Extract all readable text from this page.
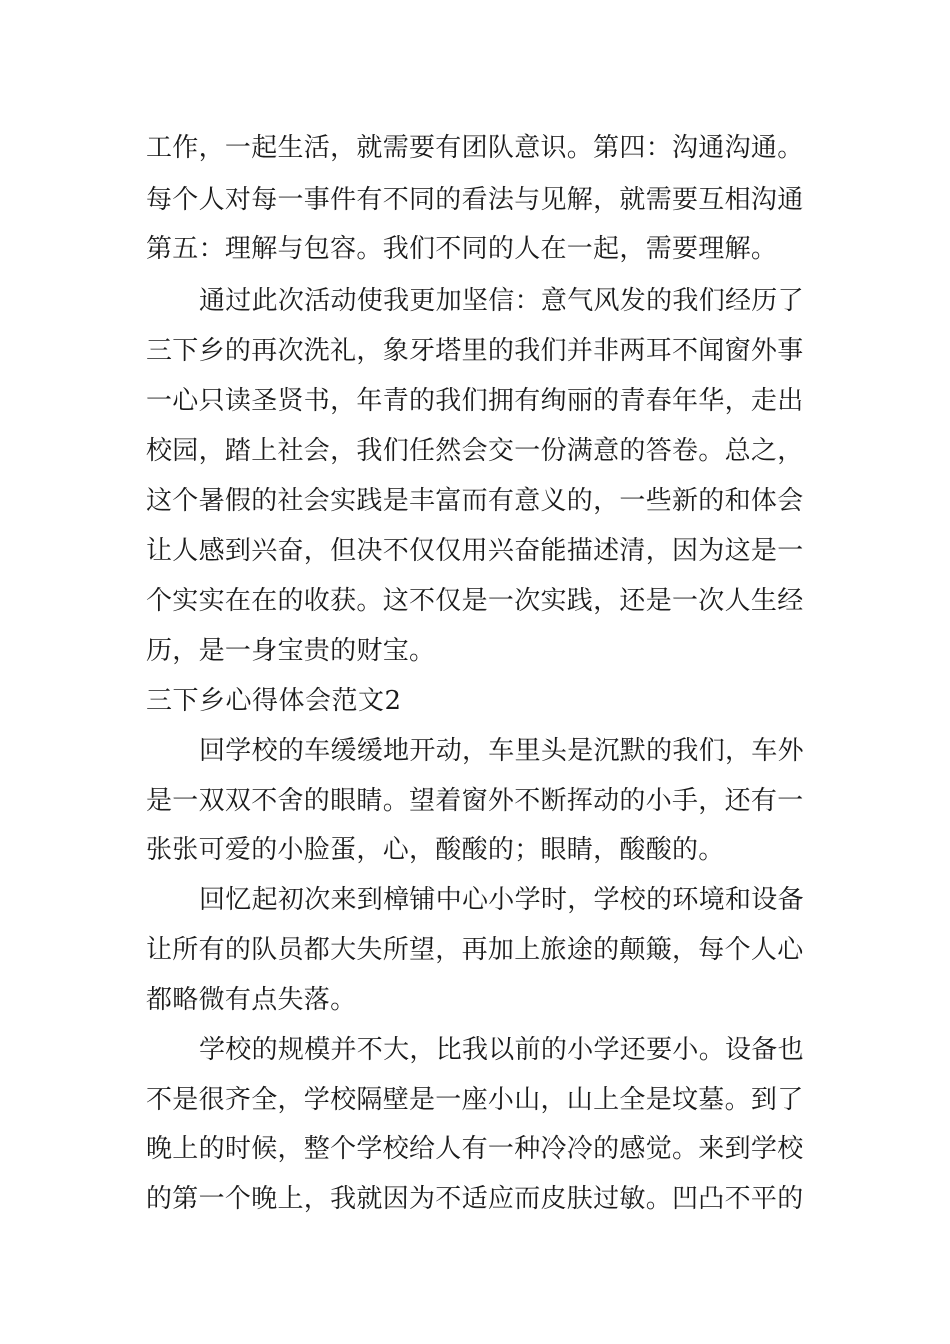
工作，一起生活，就需要有团队意识。第四：沟通沟通。
每个人对每一事件有不同的看法与见解，就需要互相沟通
第五：理解与包容。我们不同的人在一起，需要理解。
通过此次活动使我更加坚信：意气风发的我们经历了
三下乡的再次洗礼，象牙塔里的我们并非两耳不闻窗外事
一心只读圣贤书，年青的我们拥有绚丽的青春年华，走出
校园，踏上社会，我们任然会交一份满意的答卷。总之，
这个暑假的社会实践是丰富而有意义的，一些新的和体会
让人感到兴奋，但决不仅仅用兴奋能描述清，因为这是一
个实实在在的收获。这不仅是一次实践，还是一次人生经
历，是一身宝贵的财宝。
三下乡心得体会范文2
回学校的车缓缓地开动，车里头是沉默的我们，车外
是一双双不舍的眼睛。望着窗外不断挥动的小手，还有一
张张可爱的小脸蛋，心，酸酸的；眼睛，酸酸的。
回忆起初次来到樟铺中心小学时，学校的环境和设备
让所有的队员都大失所望，再加上旅途的颠簸，每个人心
都略微有点失落。
学校的规模并不大，比我以前的小学还要小。设备也
不是很齐全，学校隔壁是一座小山，山上全是坟墓。到了
晚上的时候，整个学校给人有一种冷冷的感觉。来到学校
的第一个晚上，我就因为不适应而皮肤过敏。凹凸不平的
